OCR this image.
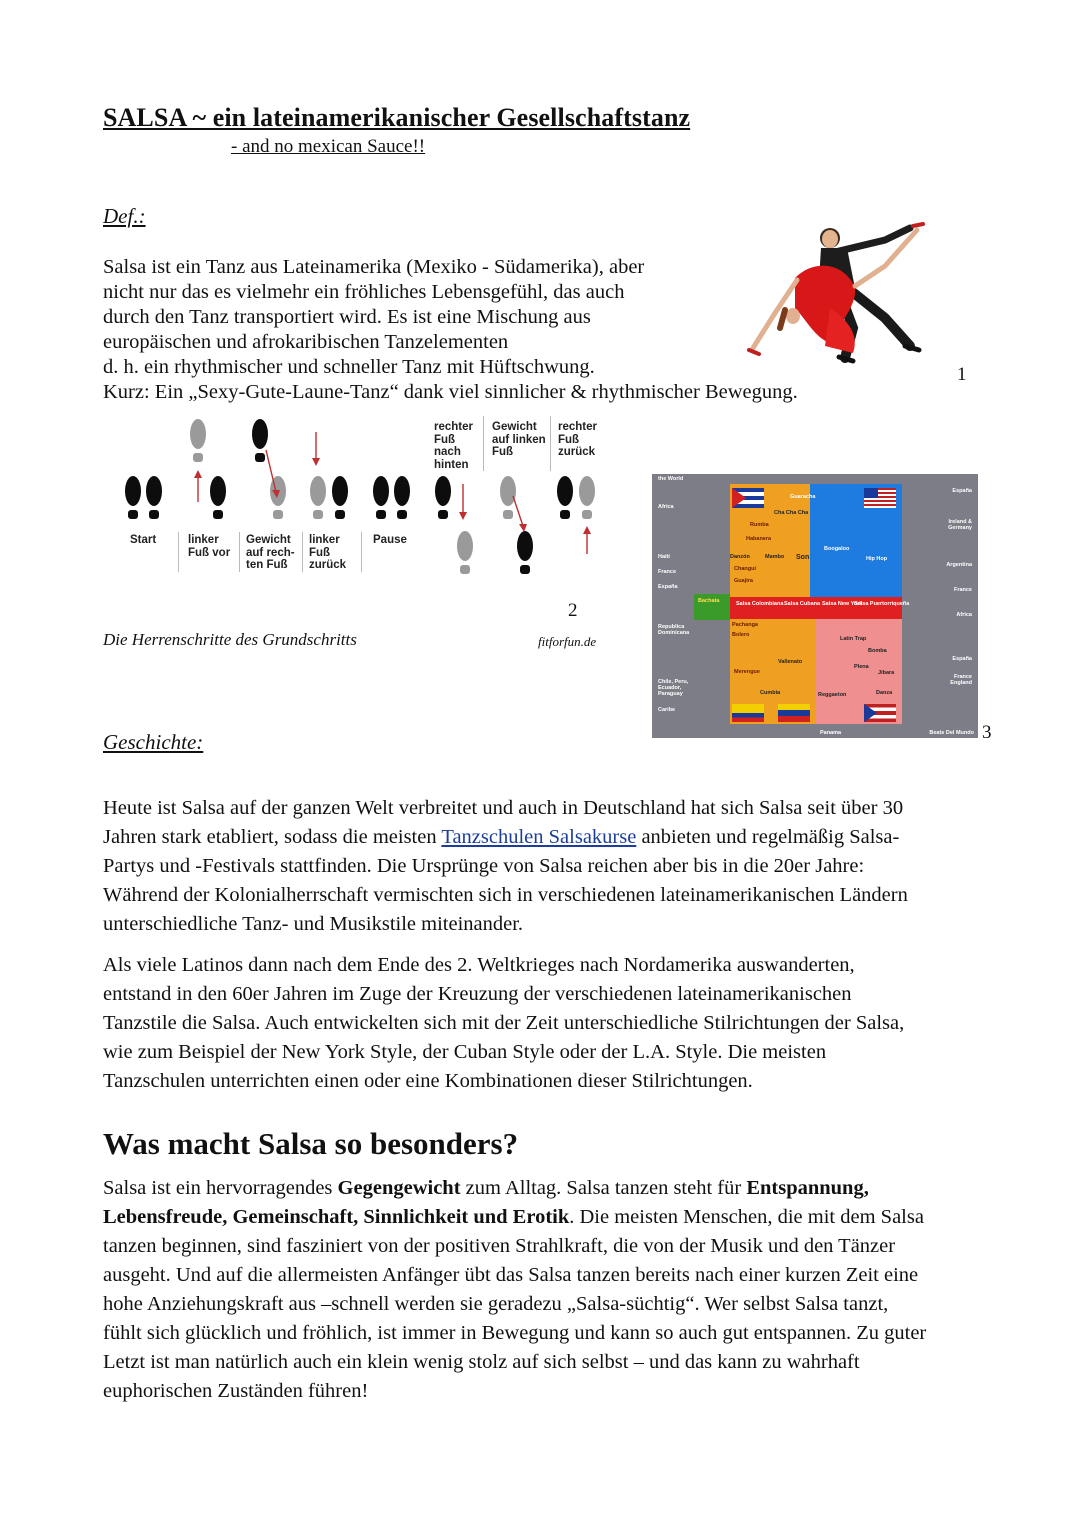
SALSA ~ ein lateinamerikanischer Gesellschaftstanz
- and no mexican Sauce!!
Def.:
Salsa ist ein Tanz aus Lateinamerika (Mexiko - Südamerika), aber
nicht nur das es vielmehr ein fröhliches Lebensgefühl, das auch
durch den Tanz transportiert wird. Es ist eine Mischung aus
europäischen und afrokaribischen Tanzelementen
d. h. ein rhythmischer und schneller Tanz mit Hüftschwung.
Kurz: Ein „Sexy-Gute-Laune-Tanz“ dank viel sinnlicher & rhythmischer Bewegung.
1
Start	linker
Fuß vor
Gewicht
auf rech-
ten Fuß
linker
Fuß
zurück
Pause
rechter
Fuß
nach
hinten
Gewicht
auf linken
Fuß
rechter
Fuß
zurück
2
Die Herrenschritte des Grundschritts	fitforfun.de
the World
Africa
Haiti
France
España
Republica Dominicana
Chile, Peru, Ecuador, Paraguay
Caribe
España
Ireland & Germany
Argentina
France
Africa
España
France England
Guaracha
Cha Cha Cha
Rumba
Danzón	Mambo Son
Bachata	Salsa Colombiana Salsa Cubana Salsa New York
Salsa Puertorriqueña
Pachanga
Bolero
Vallenato
Merengue
Cumbia	Reggaeton
Latin Trap
Bomba
Danza
Boogaloo
Hip Hop
Habanera
Changui
Guajira
Plena
Jíbara
Panama	Beats Del Mundo 3
Geschichte:
Heute ist Salsa auf der ganzen Welt verbreitet und auch in Deutschland hat sich Salsa seit über 30
Jahren stark etabliert, sodass die meisten Tanzschulen Salsakurse anbieten und regelmäßig Salsa-
Partys und -Festivals stattfinden. Die Ursprünge von Salsa reichen aber bis in die 20er Jahre:
Während der Kolonialherrschaft vermischten sich in verschiedenen lateinamerikanischen Ländern
unterschiedliche Tanz- und Musikstile miteinander.
Als viele Latinos dann nach dem Ende des 2. Weltkrieges nach Nordamerika auswanderten,
entstand in den 60er Jahren im Zuge der Kreuzung der verschiedenen lateinamerikanischen
Tanzstile die Salsa. Auch entwickelten sich mit der Zeit unterschiedliche Stilrichtungen der Salsa,
wie zum Beispiel der New York Style, der Cuban Style oder der L.A. Style. Die meisten
Tanzschulen unterrichten einen oder eine Kombinationen dieser Stilrichtungen.
Was macht Salsa so besonders?
Salsa ist ein hervorragendes Gegengewicht zum Alltag. Salsa tanzen steht für Entspannung,
Lebensfreude, Gemeinschaft, Sinnlichkeit und Erotik. Die meisten Menschen, die mit dem Salsa
tanzen beginnen, sind fasziniert von der positiven Strahlkraft, die von der Musik und den Tänzer
ausgeht. Und auf die allermeisten Anfänger übt das Salsa tanzen bereits nach einer kurzen Zeit eine
hohe Anziehungskraft aus –schnell werden sie geradezu „Salsa-süchtig“. Wer selbst Salsa tanzt,
fühlt sich glücklich und fröhlich, ist immer in Bewegung und kann so auch gut entspannen. Zu guter
Letzt ist man natürlich auch ein klein wenig stolz auf sich selbst – und das kann zu wahrhaft
euphorischen Zuständen führen!
